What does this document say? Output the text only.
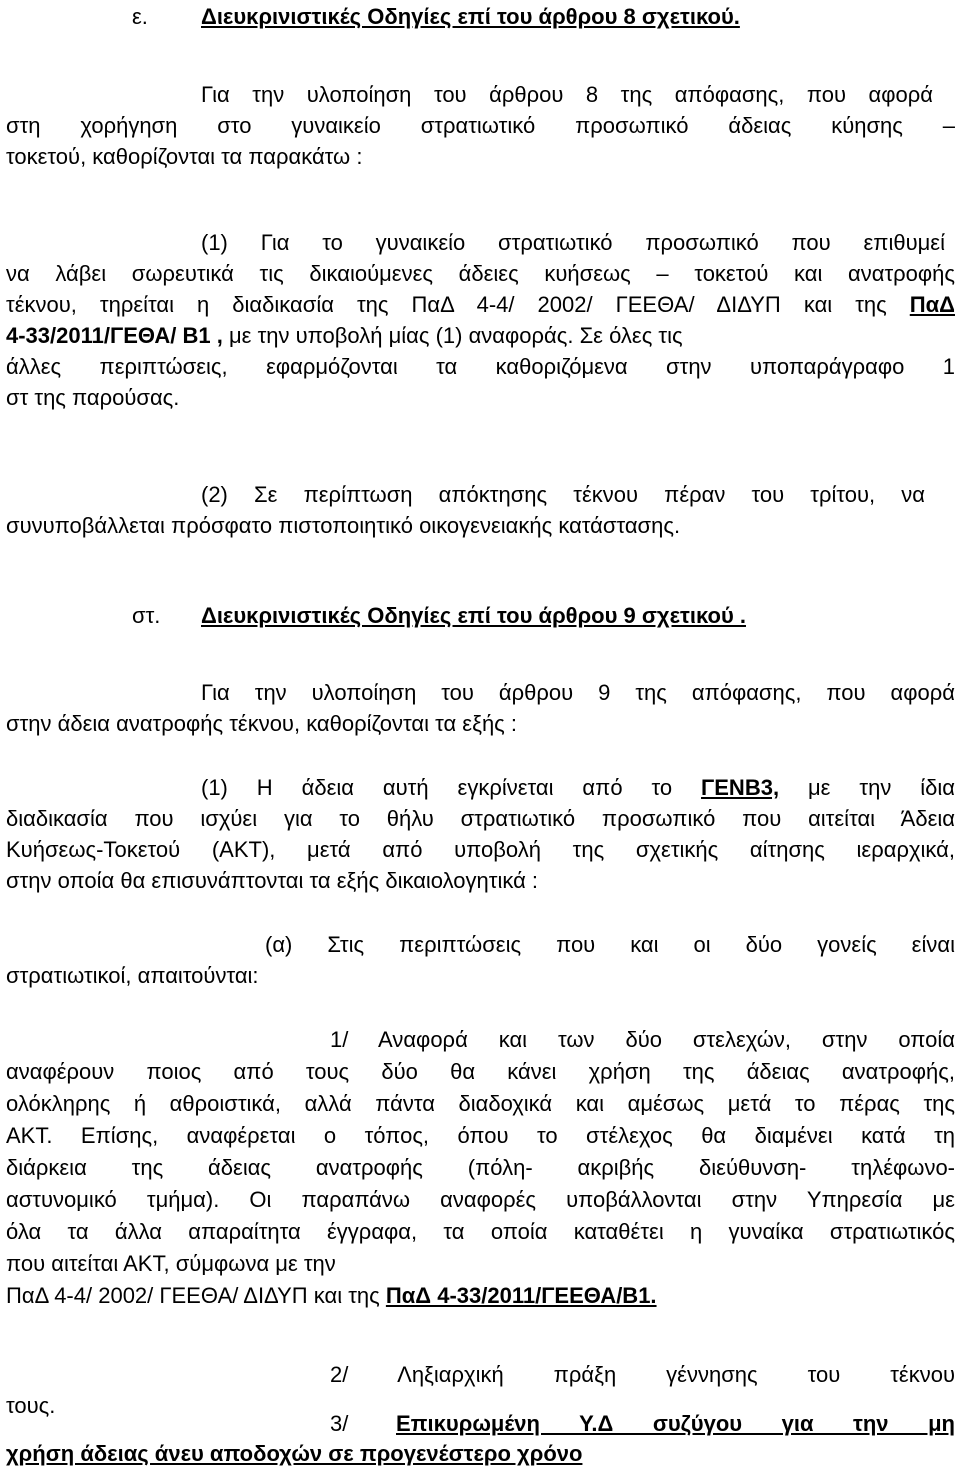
ε. Διευκρινιστικές Οδηγίες επί του άρθρου 8 σχετικού.
Για την υλοποίηση του άρθρου 8 της απόφασης, που αφορά
στη χορήγηση στο γυναικείο στρατιωτικό προσωπικό άδειας κύησης –
τοκετού, καθορίζονται τα παρακάτω :
(1) Για το γυναικείο στρατιωτικό προσωπικό που επιθυμεί
να λάβει σωρευτικά τις δικαιούμενες άδειες κυήσεως – τοκετού και ανατροφής
τέκνου, τηρείται η διαδικασία της ΠαΔ 4-4/ 2002/ ΓΕΕΘΑ/ ΔΙΔΥΠ και της ΠαΔ
4-33/2011/ΓΕΘΑ/ Β1 , με την υποβολή μίας (1) αναφοράς. Σε όλες τις
άλλες περιπτώσεις, εφαρμόζονται τα καθοριζόμενα στην υποπαράγραφο 1
στ της παρούσας.
(2) Σε περίπτωση απόκτησης τέκνου πέραν του τρίτου, να
συνυποβάλλεται πρόσφατο πιστοποιητικό οικογενειακής κατάστασης.
στ. Διευκρινιστικές Οδηγίες επί του άρθρου 9 σχετικού .
Για την υλοποίηση του άρθρου 9 της απόφασης, που αφορά
στην άδεια ανατροφής τέκνου, καθορίζονται τα εξής :
(1) Η άδεια αυτή εγκρίνεται από το ΓΕΝΒ3, με την ίδια
διαδικασία που ισχύει για το θήλυ στρατιωτικό προσωπικό που αιτείται Άδεια
Κυήσεως-Τοκετού (ΑΚΤ), μετά από υποβολή της σχετικής αίτησης ιεραρχικά,
στην οποία θα επισυνάπτονται τα εξής δικαιολογητικά :
(α) Στις περιπτώσεις που και οι δύο γονείς είναι
στρατιωτικοί, απαιτούνται:
1/ Αναφορά και των δύο στελεχών, στην οποία
αναφέρουν ποιος από τους δύο θα κάνει χρήση της άδειας ανατροφής,
ολόκληρης ή αθροιστικά, αλλά πάντα διαδοχικά και αμέσως μετά το πέρας της
ΑΚΤ. Επίσης, αναφέρεται ο τόπος, όπου το στέλεχος θα διαμένει κατά τη
διάρκεια της άδειας ανατροφής (πόλη- ακριβής διεύθυνση- τηλέφωνο-
αστυνομικό τμήμα). Οι παραπάνω αναφορές υποβάλλονται στην Υπηρεσία με
όλα τα άλλα απαραίτητα έγγραφα, τα οποία καταθέτει η γυναίκα στρατιωτικός
που αιτείται ΑΚΤ, σύμφωνα με την
ΠαΔ 4-4/ 2002/ ΓΕΕΘΑ/ ΔΙΔΥΠ και της ΠαΔ 4-33/2011/ΓΕΕΘΑ/Β1.
2/ Ληξιαρχική πράξη γέννησης του τέκνου
τους.
3/ Επικυρωμένη Υ.Δ συζύγου για την μη
χρήση άδειας άνευ αποδοχών σε προγενέστερο χρόνο
